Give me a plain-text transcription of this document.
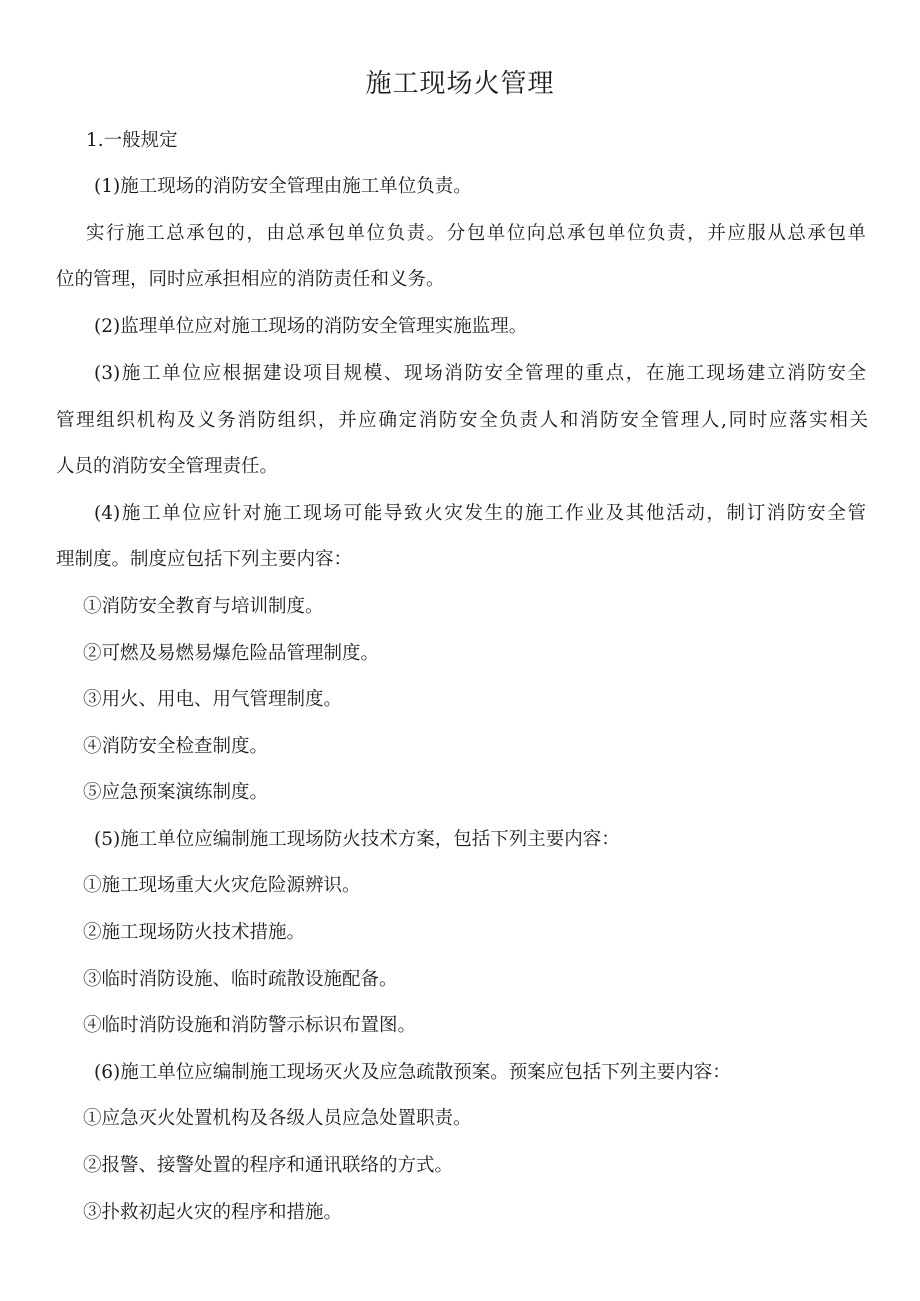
施工现场火管理
1.一般规定
(1)施工现场的消防安全管理由施工单位负责。
实行施工总承包的，由总承包单位负责。分包单位向总承包单位负责，并应服从总承包单
位的管理，同时应承担相应的消防责任和义务。
(2)监理单位应对施工现场的消防安全管理实施监理。
(3)施工单位应根据建设项目规模、现场消防安全管理的重点，在施工现场建立消防安全
管理组织机构及义务消防组织，并应确定消防安全负责人和消防安全管理人,同时应落实相关
人员的消防安全管理责任。
(4)施工单位应针对施工现场可能导致火灾发生的施工作业及其他活动，制订消防安全管
理制度。制度应包括下列主要内容：
①消防安全教育与培训制度。
②可燃及易燃易爆危险品管理制度。
③用火、用电、用气管理制度。
④消防安全检查制度。
⑤应急预案演练制度。
(5)施工单位应编制施工现场防火技术方案，包括下列主要内容：
①施工现场重大火灾危险源辨识。
②施工现场防火技术措施。
③临时消防设施、临时疏散设施配备。
④临时消防设施和消防警示标识布置图。
(6)施工单位应编制施工现场灭火及应急疏散预案。预案应包括下列主要内容：
①应急灭火处置机构及各级人员应急处置职责。
②报警、接警处置的程序和通讯联络的方式。
③扑救初起火灾的程序和措施。
